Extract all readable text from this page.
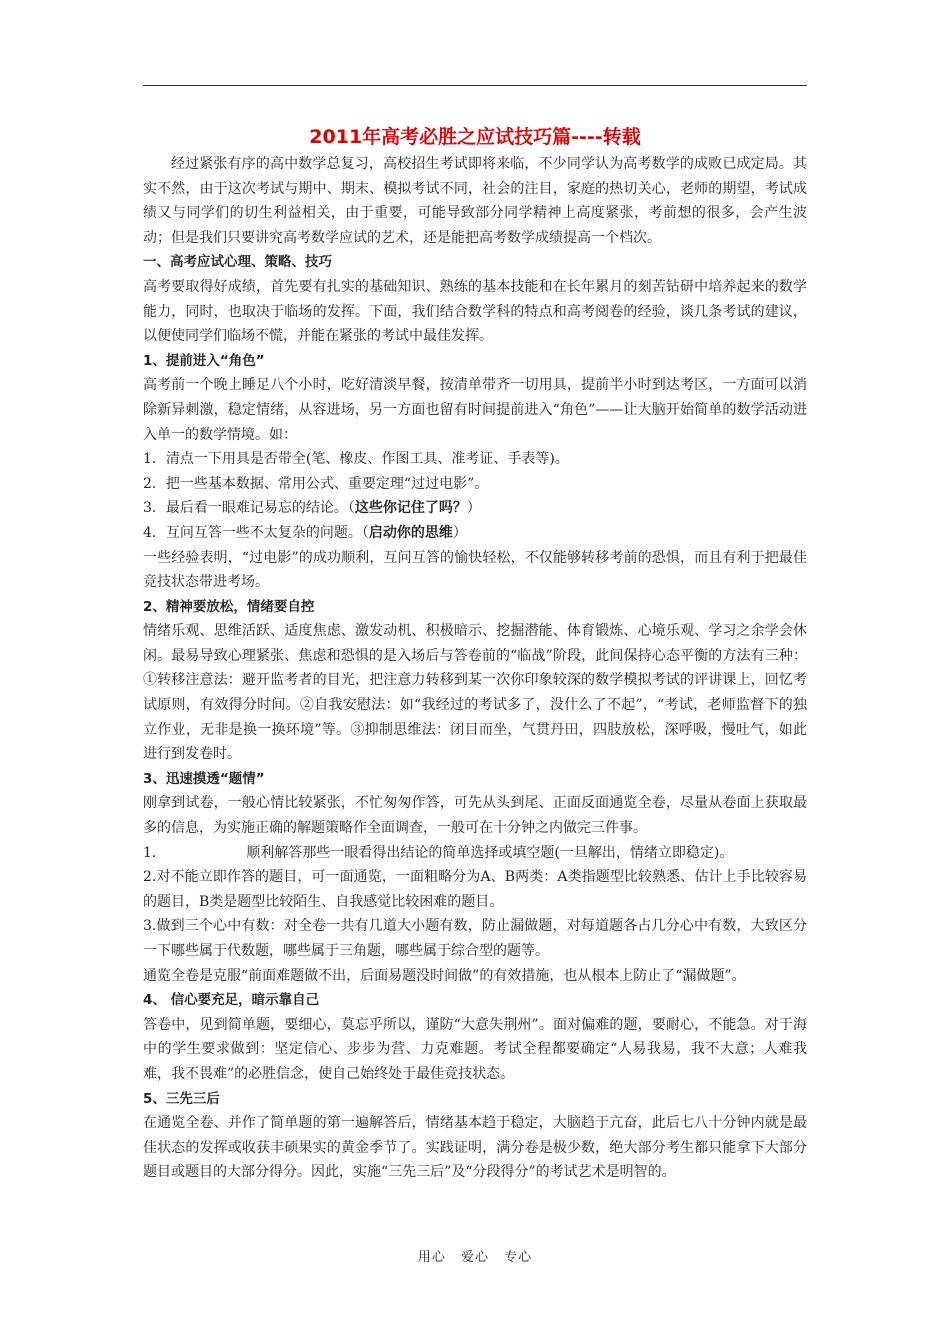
2011年高考必胜之应试技巧篇----转载

经过紧张有序的高中数学总复习，高校招生考试即将来临，不少同学认为高考数学的成败已成定局。其实不然，由于这次考试与期中、期末、模拟考试不同，社会的注目，家庭的热切关心，老师的期望，考试成绩又与同学们的切生利益相关，由于重要，可能导致部分同学精神上高度紧张，考前想的很多，会产生波动；但是我们只要讲究高考数学应试的艺术，还是能把高考数学成绩提高一个档次。

一、高考应试心理、策略、技巧

高考要取得好成绩，首先要有扎实的基础知识、熟练的基本技能和在长年累月的刻苦钻研中培养起来的数学能力，同时，也取决于临场的发挥。下面，我们结合数学科的特点和高考阅卷的经验，谈几条考试的建议，以便使同学们临场不慌，并能在紧张的考试中最佳发挥。

1、提前进入“角色”

高考前一个晚上睡足八个小时，吃好清淡早餐，按清单带齐一切用具，提前半小时到达考区，一方面可以消除新异刺激，稳定情绪，从容进场，另一方面也留有时间提前进入“角色”——让大脑开始简单的数学活动进入单一的数学情境。如：

1．清点一下用具是否带全(笔、橡皮、作图工具、准考证、手表等)。

2．把一些基本数据、常用公式、重要定理“过过电影”。

3．最后看一眼难记易忘的结论。（这些你记住了吗？）

4．互问互答一些不太复杂的问题。（启动你的思维）

一些经验表明，“过电影”的成功顺利，互问互答的愉快轻松，不仅能够转移考前的恐惧，而且有利于把最佳竞技状态带进考场。

2、精神要放松，情绪要自控

情绪乐观、思维活跃、适度焦虑、激发动机、积极暗示、挖掘潜能、体育锻炼、心境乐观、学习之余学会休闲。最易导致心理紧张、焦虑和恐惧的是入场后与答卷前的“临战”阶段，此间保持心态平衡的方法有三种：①转移注意法：避开监考者的目光，把注意力转移到某一次你印象较深的数学模拟考试的评讲课上，回忆考试原则，有效得分时间。②自我安慰法：如“我经过的考试多了，没什么了不起”，“考试，老师监督下的独立作业，无非是换一换环境”等。③抑制思维法：闭目而坐，气贯丹田，四肢放松，深呼吸，慢吐气，如此进行到发卷时。

3、迅速摸透“题情”

刚拿到试卷，一般心情比较紧张，不忙匆匆作答，可先从头到尾、正面反面通览全卷，尽量从卷面上获取最多的信息，为实施正确的解题策略作全面调查，一般可在十分钟之内做完三件事。

1.	顺利解答那些一眼看得出结论的简单选择或填空题(一旦解出，情绪立即稳定)。

2.对不能立即作答的题目，可一面通览，一面粗略分为A、B两类：A类指题型比较熟悉、估计上手比较容易的题目，B类是题型比较陌生、自我感觉比较困难的题目。

3.做到三个心中有数：对全卷一共有几道大小题有数，防止漏做题，对每道题各占几分心中有数，大致区分一下哪些属于代数题，哪些属于三角题，哪些属于综合型的题等。

通览全卷是克服“前面难题做不出，后面易题没时间做”的有效措施，也从根本上防止了“漏做题”。

4、 信心要充足，暗示靠自己

答卷中，见到简单题，要细心，莫忘乎所以，谨防“大意失荆州”。面对偏难的题，要耐心，不能急。对于海中的学生要求做到：坚定信心、步步为营、力克难题。考试全程都要确定“人易我易，我不大意；人难我难，我不畏难”的必胜信念，使自己始终处于最佳竞技状态。

5、三先三后

在通览全卷、并作了简单题的第一遍解答后，情绪基本趋于稳定，大脑趋于亢奋，此后七八十分钟内就是最佳状态的发挥或收获丰硕果实的黄金季节了。实践证明，满分卷是极少数，绝大部分考生都只能拿下大部分题目或题目的大部分得分。因此，实施“三先三后”及“分段得分”的考试艺术是明智的。

用心 爱心 专心
